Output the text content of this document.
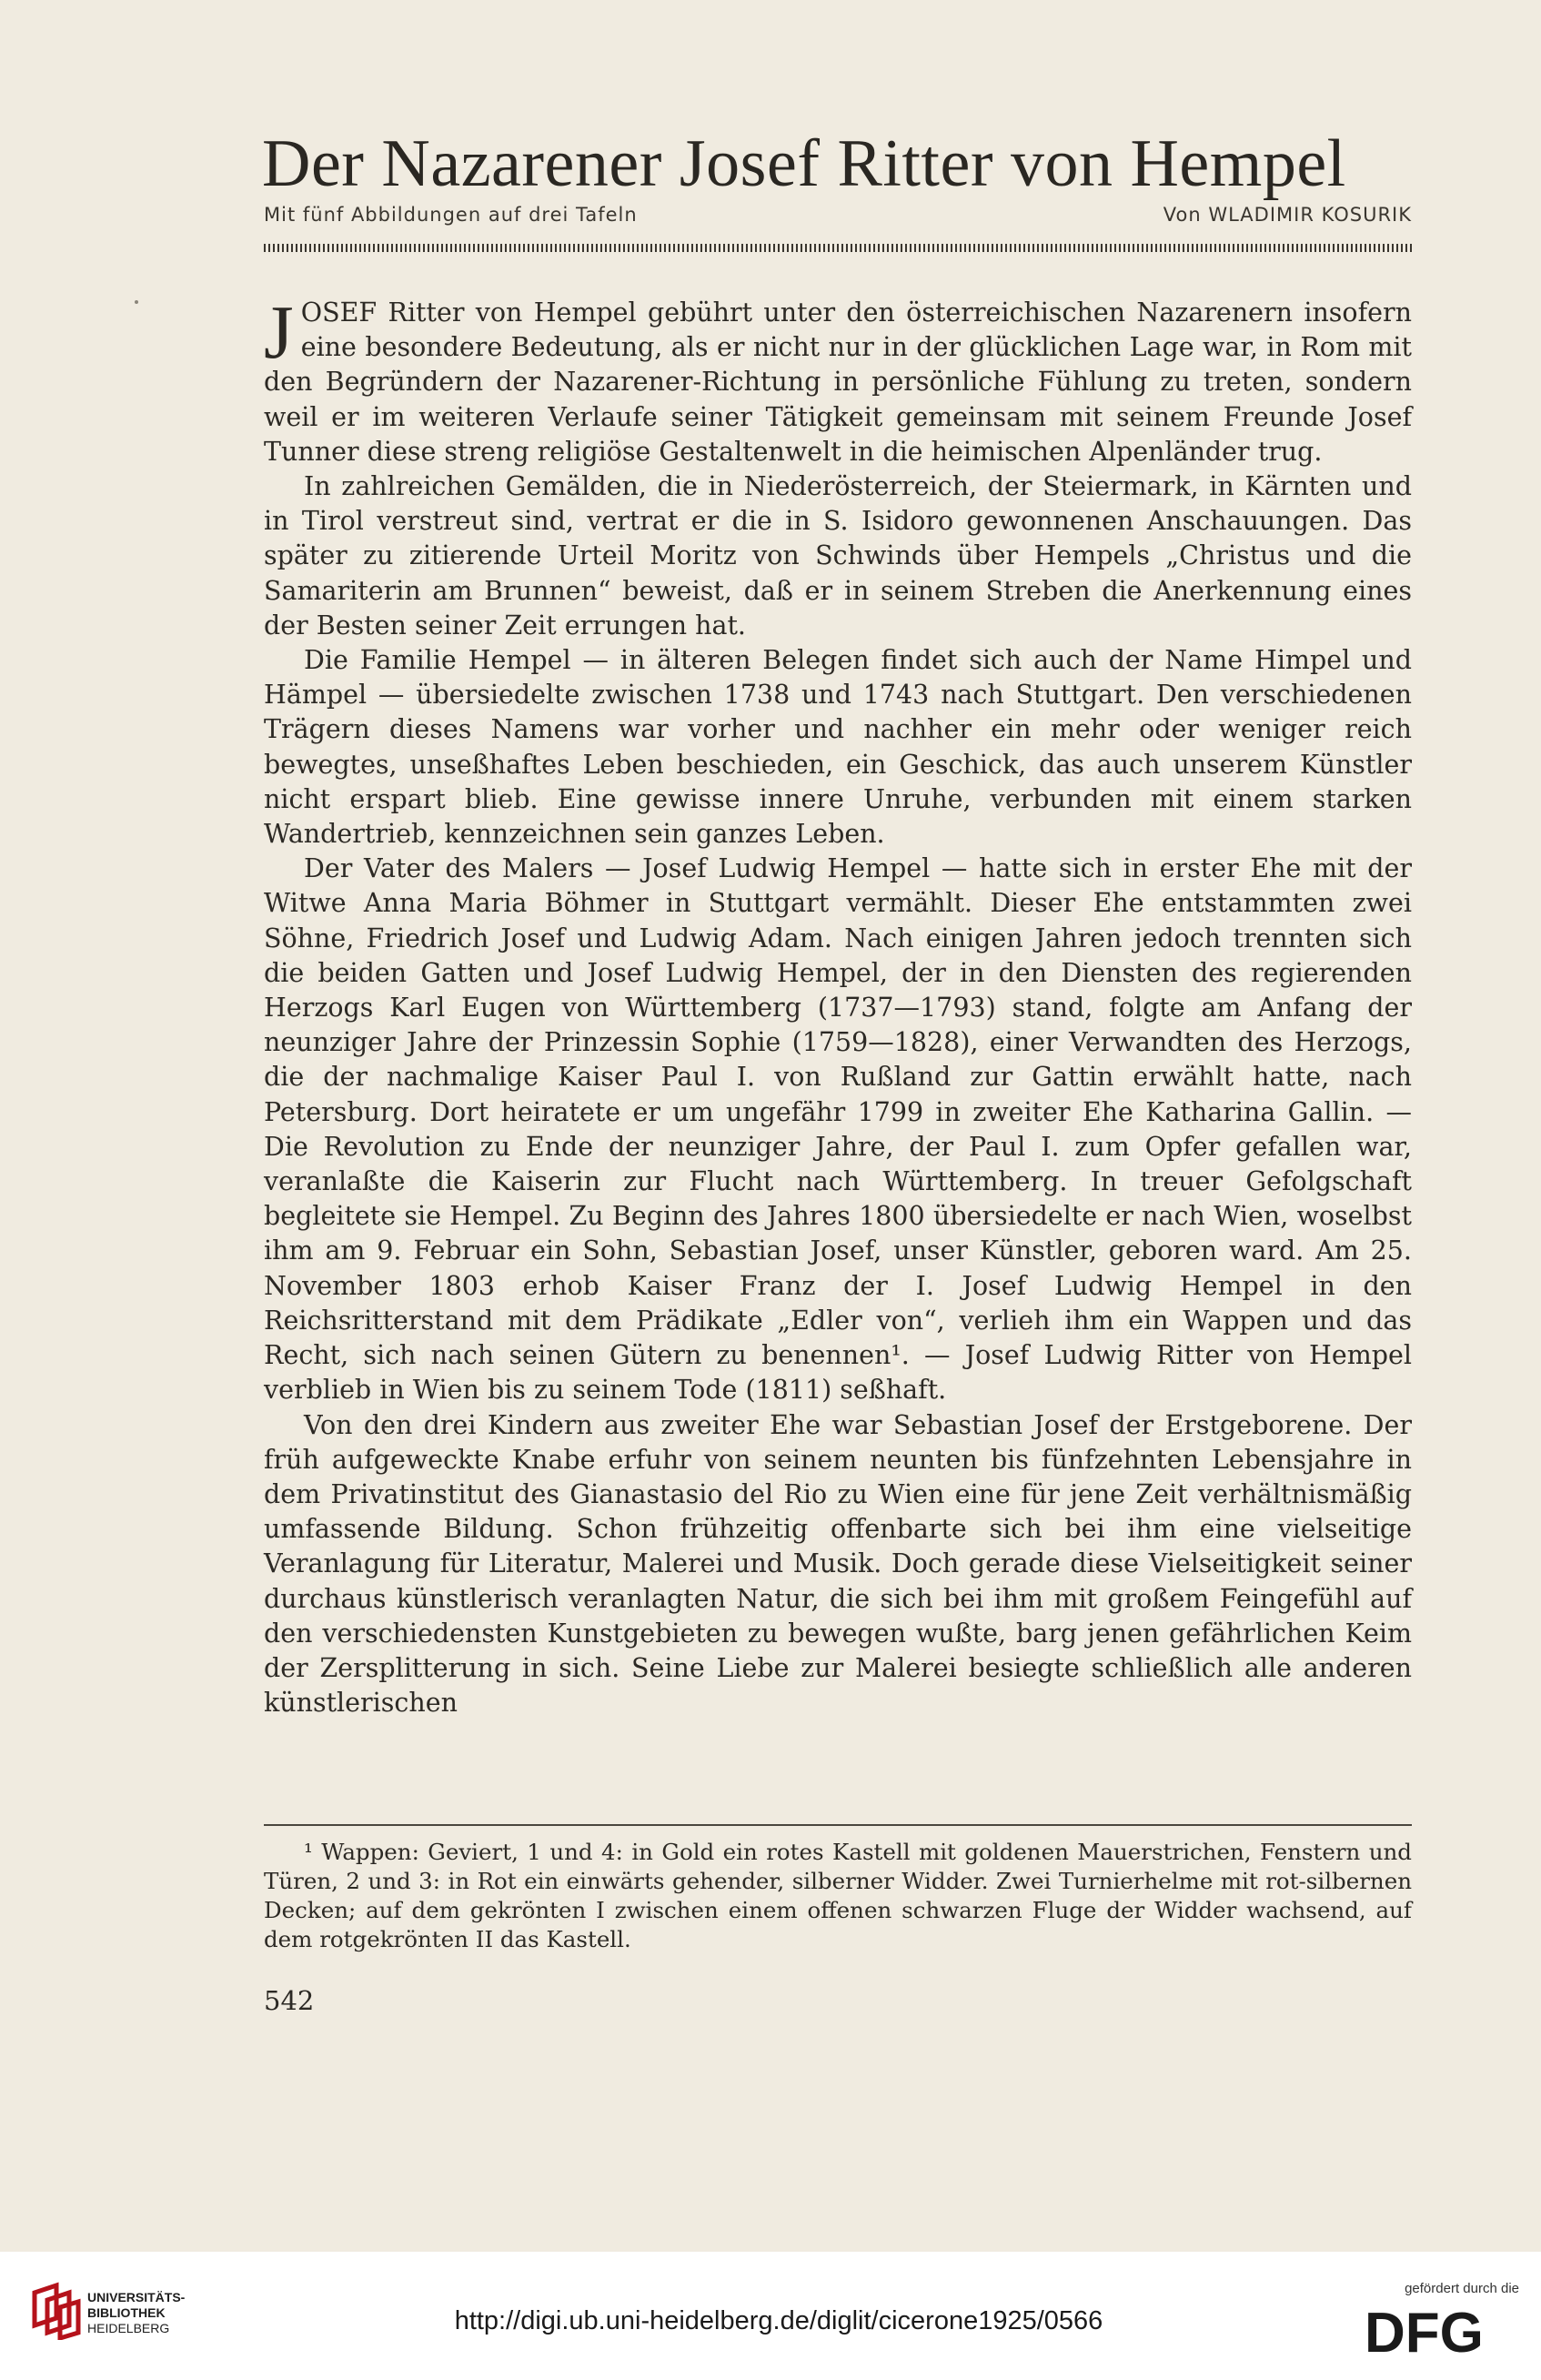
Der Nazarener Josef Ritter von Hempel
Mit fünf Abbildungen auf drei Tafeln	Von WLADIMIR KOSURIK

JOSEF Ritter von Hempel gebührt unter den österreichischen Nazarenern insofern eine besondere Bedeutung, als er nicht nur in der glücklichen Lage war, in Rom mit den Begründern der Nazarener-Richtung in persönliche Fühlung zu treten, sondern weil er im weiteren Verlaufe seiner Tätigkeit gemeinsam mit seinem Freunde Josef Tunner diese streng religiöse Gestaltenwelt in die heimischen Alpenländer trug.

In zahlreichen Gemälden, die in Niederösterreich, der Steiermark, in Kärnten und in Tirol verstreut sind, vertrat er die in S. Isidoro gewonnenen Anschauungen. Das später zu zitierende Urteil Moritz von Schwinds über Hempels „Christus und die Samariterin am Brunnen“ beweist, daß er in seinem Streben die Anerkennung eines der Besten seiner Zeit errungen hat.

Die Familie Hempel — in älteren Belegen findet sich auch der Name Himpel und Hämpel — übersiedelte zwischen 1738 und 1743 nach Stuttgart. Den verschiedenen Trägern dieses Namens war vorher und nachher ein mehr oder weniger reich bewegtes, unseßhaftes Leben beschieden, ein Geschick, das auch unserem Künstler nicht erspart blieb. Eine gewisse innere Unruhe, verbunden mit einem starken Wandertrieb, kennzeichnen sein ganzes Leben.

Der Vater des Malers — Josef Ludwig Hempel — hatte sich in erster Ehe mit der Witwe Anna Maria Böhmer in Stuttgart vermählt. Dieser Ehe entstammten zwei Söhne, Friedrich Josef und Ludwig Adam. Nach einigen Jahren jedoch trennten sich die beiden Gatten und Josef Ludwig Hempel, der in den Diensten des regierenden Herzogs Karl Eugen von Württemberg (1737—1793) stand, folgte am Anfang der neunziger Jahre der Prinzessin Sophie (1759—1828), einer Verwandten des Herzogs, die der nachmalige Kaiser Paul I. von Rußland zur Gattin erwählt hatte, nach Petersburg. Dort heiratete er um ungefähr 1799 in zweiter Ehe Katharina Gallin. — Die Revolution zu Ende der neunziger Jahre, der Paul I. zum Opfer gefallen war, veranlaßte die Kaiserin zur Flucht nach Württemberg. In treuer Gefolgschaft begleitete sie Hempel. Zu Beginn des Jahres 1800 übersiedelte er nach Wien, woselbst ihm am 9. Februar ein Sohn, Sebastian Josef, unser Künstler, geboren ward. Am 25. November 1803 erhob Kaiser Franz der I. Josef Ludwig Hempel in den Reichsritterstand mit dem Prädikate „Edler von“, verlieh ihm ein Wappen und das Recht, sich nach seinen Gütern zu benennen¹. — Josef Ludwig Ritter von Hempel verblieb in Wien bis zu seinem Tode (1811) seßhaft.

Von den drei Kindern aus zweiter Ehe war Sebastian Josef der Erstgeborene. Der früh aufgeweckte Knabe erfuhr von seinem neunten bis fünfzehnten Lebensjahre in dem Privatinstitut des Gianastasio del Rio zu Wien eine für jene Zeit verhältnismäßig umfassende Bildung. Schon frühzeitig offenbarte sich bei ihm eine vielseitige Veranlagung für Literatur, Malerei und Musik. Doch gerade diese Vielseitigkeit seiner durchaus künstlerisch veranlagten Natur, die sich bei ihm mit großem Feingefühl auf den verschiedensten Kunstgebieten zu bewegen wußte, barg jenen gefährlichen Keim der Zersplitterung in sich. Seine Liebe zur Malerei besiegte schließlich alle anderen künstlerischen

¹ Wappen: Geviert, 1 und 4: in Gold ein rotes Kastell mit goldenen Mauerstrichen, Fenstern und Türen, 2 und 3: in Rot ein einwärts gehender, silberner Widder. Zwei Turnierhelme mit rot-silbernen Decken; auf dem gekrönten I zwischen einem offenen schwarzen Fluge der Widder wachsend, auf dem rotgekrönten II das Kastell.
542
UNIVERSITÄTS-
BIBLIOTHEK
HEIDELBERG	http://digi.ub.uni-heidelberg.de/diglit/cicerone1925/0566
gefördert durch die
DFG
